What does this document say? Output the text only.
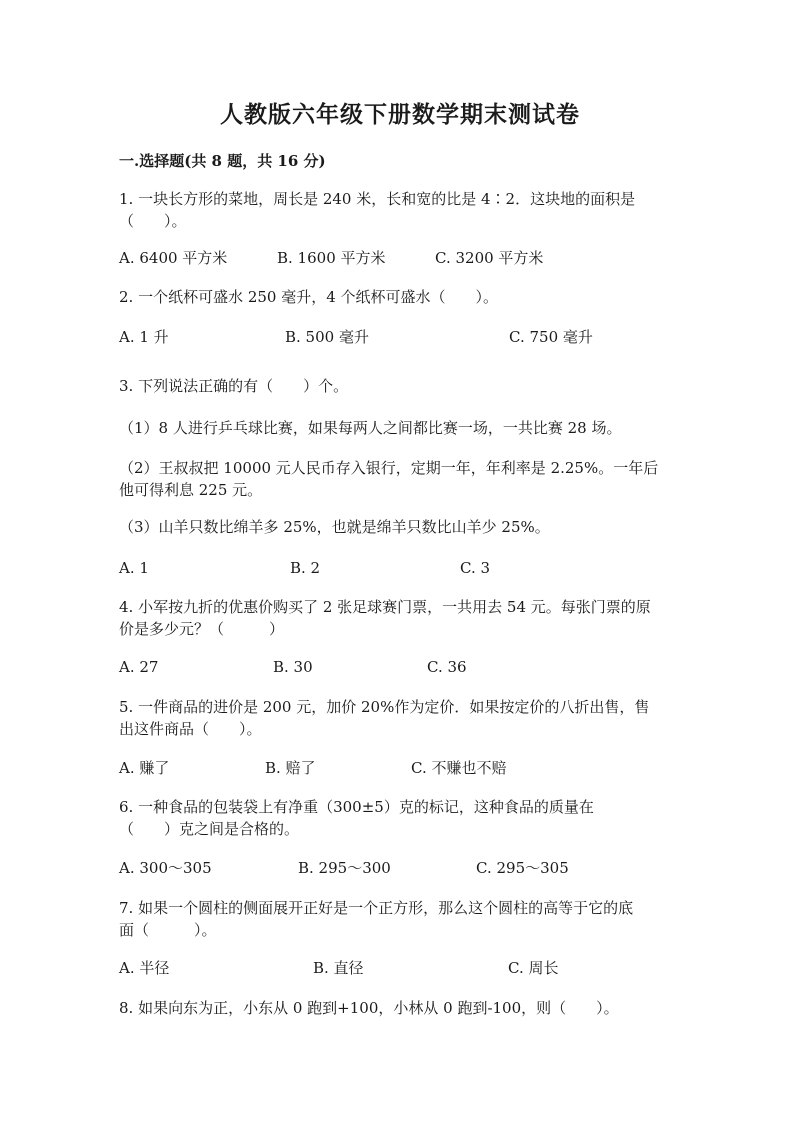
人教版六年级下册数学期末测试卷
一.选择题(共 8 题，共 16 分)
1. 一块长方形的菜地，周长是 240 米，长和宽的比是 4∶2．这块地的面积是
（　　）。
A. 6400 平方米	B. 1600 平方米	C. 3200 平方米
2. 一个纸杯可盛水 250 毫升，4 个纸杯可盛水（　　）。
A. 1 升	B. 500 毫升	C. 750 毫升
3. 下列说法正确的有（　　）个。
（1）8 人进行乒乓球比赛，如果每两人之间都比赛一场，一共比赛 28 场。
（2）王叔叔把 10000 元人民币存入银行，定期一年，年利率是 2.25%。一年后
他可得利息 225 元。
（3）山羊只数比绵羊多 25%，也就是绵羊只数比山羊少 25%。
A. 1	B. 2	C. 3
4. 小军按九折的优惠价购买了 2 张足球赛门票，一共用去 54 元。每张门票的原
价是多少元？（　　　）
A. 27	B. 30	C. 36
5. 一件商品的进价是 200 元，加价 20%作为定价．如果按定价的八折出售，售
出这件商品（　　）。
A. 赚了	B. 赔了	C. 不赚也不赔
6. 一种食品的包装袋上有净重（300±5）克的标记，这种食品的质量在
（　　）克之间是合格的。
A. 300～305	B. 295～300	C. 295～305
7. 如果一个圆柱的侧面展开正好是一个正方形，那么这个圆柱的高等于它的底
面（　　　）。
A. 半径	B. 直径	C. 周长
8. 如果向东为正，小东从 0 跑到+100，小林从 0 跑到-100，则（　　）。
